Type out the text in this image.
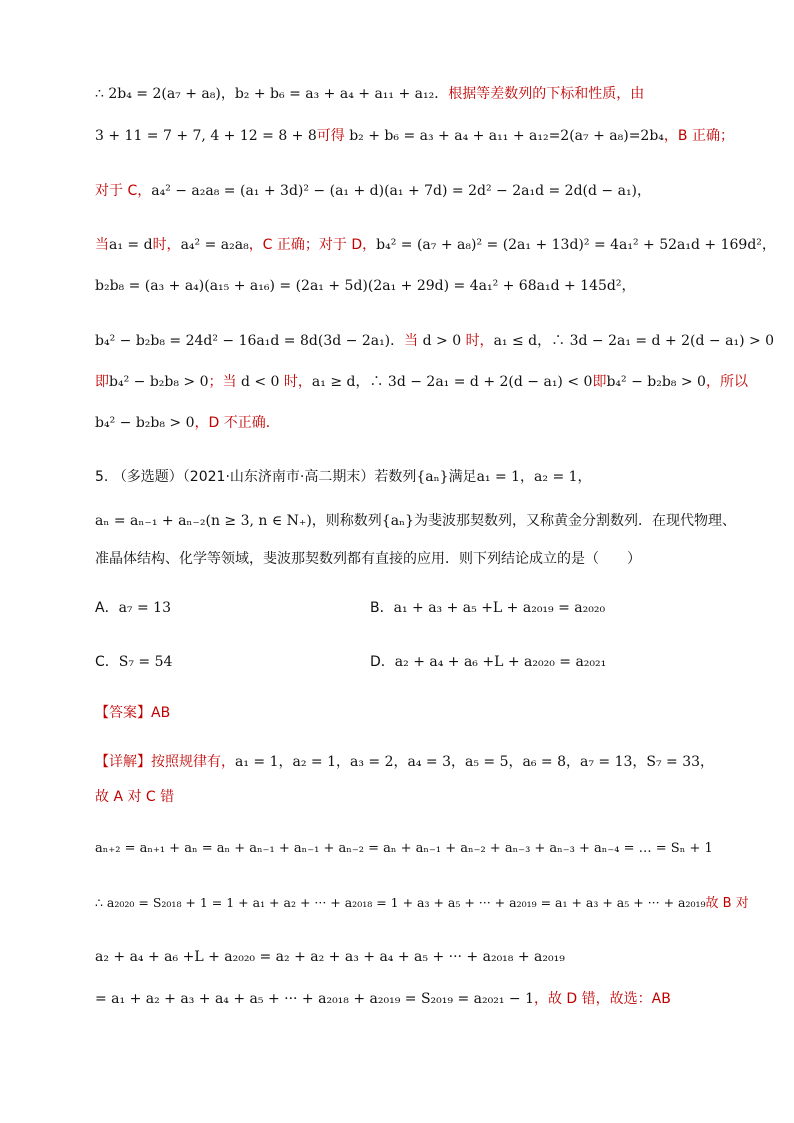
∴ 2b₄ = 2(a₇ + a₈)，b₂ + b₆ = a₃ + a₄ + a₁₁ + a₁₂．根据等差数列的下标和性质，由
3 + 11 = 7 + 7, 4 + 12 = 8 + 8可得 b₂ + b₆ = a₃ + a₄ + a₁₁ + a₁₂=2(a₇ + a₈)=2b₄，B 正确；
对于 C，a₄² − a₂a₈ = (a₁ + 3d)² − (a₁ + d)(a₁ + 7d) = 2d² − 2a₁d = 2d(d − a₁)，
当a₁ = d时，a₄² = a₂a₈，C 正确；对于 D，b₄² = (a₇ + a₈)² = (2a₁ + 13d)² = 4a₁² + 52a₁d + 169d²，
b₂b₈ = (a₃ + a₄)(a₁₅ + a₁₆) = (2a₁ + 5d)(2a₁ + 29d) = 4a₁² + 68a₁d + 145d²，
b₄² − b₂b₈ = 24d² − 16a₁d = 8d(3d − 2a₁)．当 d > 0 时，a₁ ≤ d，∴ 3d − 2a₁ = d + 2(d − a₁) > 0
即b₄² − b₂b₈ > 0；当 d < 0 时，a₁ ≥ d，∴ 3d − 2a₁ = d + 2(d − a₁) < 0即b₄² − b₂b₈ > 0，所以
b₄² − b₂b₈ > 0，D 不正确．
5. （多选题）（2021·山东济南市·高二期末）若数列{aₙ}满足a₁ = 1，a₂ = 1，
aₙ = aₙ₋₁ + aₙ₋₂(n ≥ 3, n ∈ N₊)，则称数列{aₙ}为斐波那契数列，又称黄金分割数列．在现代物理、
准晶体结构、化学等领域，斐波那契数列都有直接的应用．则下列结论成立的是（　　）
A．a₇ = 13	B．a₁ + a₃ + a₅ +L + a₂₀₁₉ = a₂₀₂₀
C．S₇ = 54	D．a₂ + a₄ + a₆ +L + a₂₀₂₀ = a₂₀₂₁
【答案】AB
【详解】按照规律有，a₁ = 1，a₂ = 1，a₃ = 2，a₄ = 3，a₅ = 5，a₆ = 8，a₇ = 13，S₇ = 33，
故 A 对 C 错
aₙ₊₂ = aₙ₊₁ + aₙ = aₙ + aₙ₋₁ + aₙ₋₁ + aₙ₋₂ = aₙ + aₙ₋₁ + aₙ₋₂ + aₙ₋₃ + aₙ₋₃ + aₙ₋₄ = … = Sₙ + 1
∴ a₂₀₂₀ = S₂₀₁₈ + 1 = 1 + a₁ + a₂ + ··· + a₂₀₁₈ = 1 + a₃ + a₅ + ··· + a₂₀₁₉ = a₁ + a₃ + a₅ + ··· + a₂₀₁₉故 B 对
a₂ + a₄ + a₆ +L + a₂₀₂₀ = a₂ + a₂ + a₃ + a₄ + a₅ + ··· + a₂₀₁₈ + a₂₀₁₉
= a₁ + a₂ + a₃ + a₄ + a₅ + ··· + a₂₀₁₈ + a₂₀₁₉ = S₂₀₁₉ = a₂₀₂₁ − 1，故 D 错，故选：AB
